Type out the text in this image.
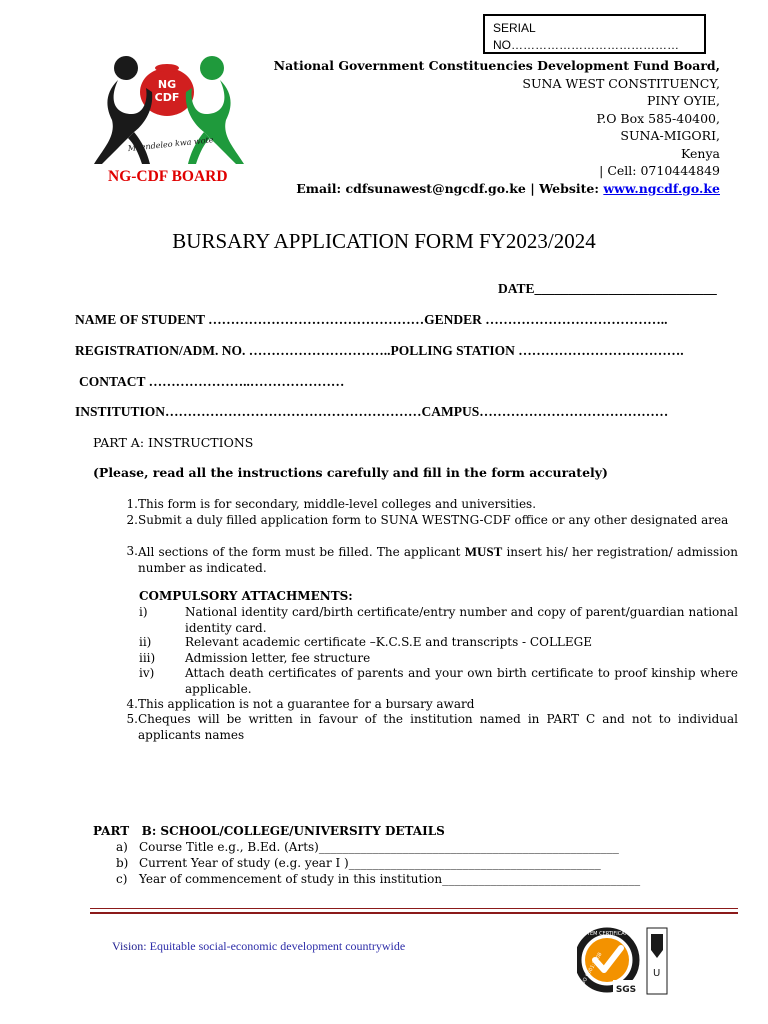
SERIAL
NO……………………………………
NG
CDF
Maendeleo kwa wote
NG-CDF BOARD
National Government Constituencies Development Fund Board,
SUNA WEST CONSTITUENCY,
PINY OYIE,
P.O Box 585-40400,
SUNA-MIGORI,
Kenya
| Cell: 0710444849
Email: cdfsunawest@ngcdf.go.ke | Website: www.ngcdf.go.ke
BURSARY APPLICATION FORM FY2023/2024
DATE___________________________
NAME OF STUDENT …………………………………………GENDER …………………………………..
REGISTRATION/ADM. NO. …………………………..POLLING STATION ……………………………….
CONTACT …………………..…………………
INSTITUTION…………………………………………………CAMPUS……………………………………
PART A: INSTRUCTIONS
(Please, read all the instructions carefully and fill in the form accurately)
1. This form is for secondary, middle-level colleges and universities.
2. Submit a duly filled application form to SUNA WESTNG-CDF office or any other designated area
3. All sections of the form must be filled. The applicant MUST insert his/ her registration/ admission number as indicated.
COMPULSORY ATTACHMENTS:
i)	National identity card/birth certificate/entry number and copy of parent/guardian national identity card.
ii)	Relevant academic certificate –K.C.S.E and transcripts - COLLEGE
iii) Admission letter, fee structure
iv)	Attach death certificates of parents and your own birth certificate to proof kinship where applicable.
4. This application is not a guarantee for a bursary award
5. Cheques will be written in favour of the institution named in PART C and not to individual applicants names
PART   B: SCHOOL/COLLEGE/UNIVERSITY DETAILS
a) Course Title e.g., B.Ed. (Arts)__________________________________________________
b) Current Year of study (e.g. year I )__________________________________________
c) Year of commencement of study in this institution_________________________________
Vision: Equitable social-economic development countrywide
SYSTEM CERTIFICATION
ISO 9001:2008
SGS
U
